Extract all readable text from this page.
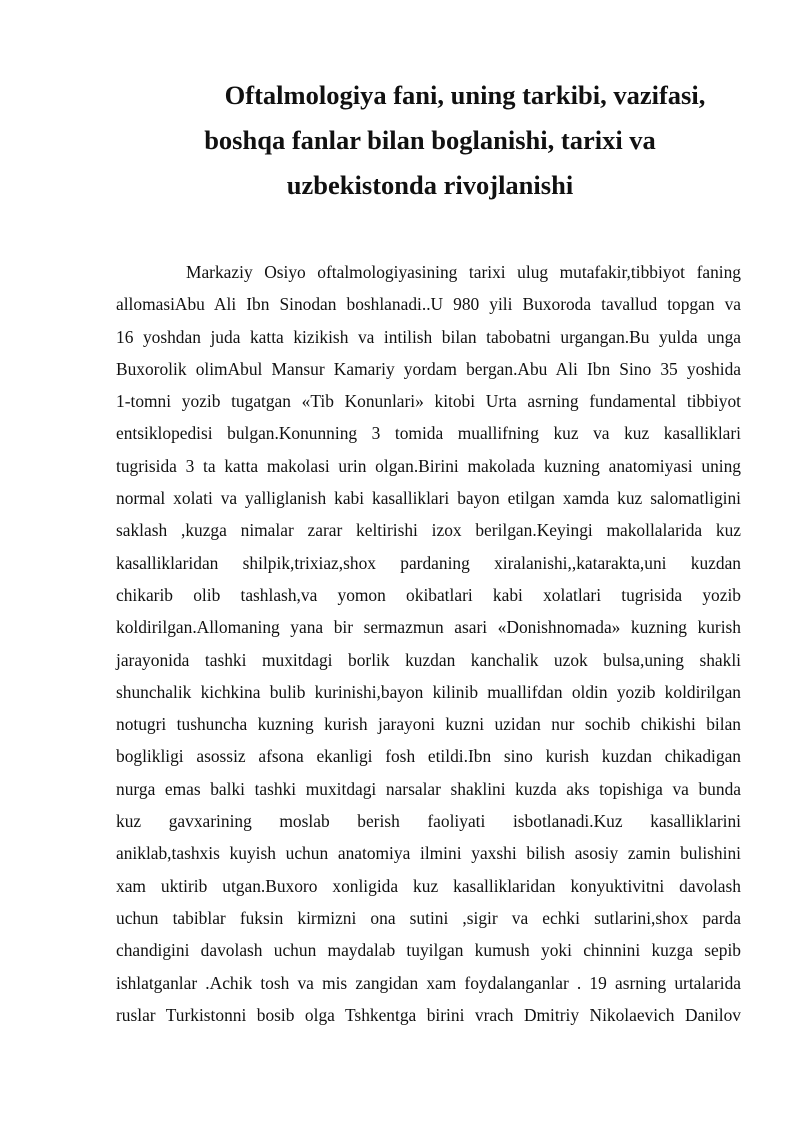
Oftalmologiya fani, uning tarkibi, vazifasi,
boshqa fanlar bilan boglanishi, tarixi va
uzbekistonda rivojlanishi
Markaziy Osiyo oftalmologiyasining tarixi ulug mutafakir,tibbiyot faning
allomasiAbu Ali Ibn Sinodan boshlanadi..U 980 yili Buxoroda tavallud topgan va
16 yoshdan juda katta kizikish va intilish bilan tabobatni urgangan.Bu yulda unga
Buxorolik olimAbul Mansur Kamariy yordam bergan.Abu Ali Ibn Sino 35 yoshida
1-tomni yozib tugatgan «Tib Konunlari» kitobi Urta asrning fundamental tibbiyot
entsiklopedisi bulgan.Konunning 3 tomida muallifning kuz va kuz kasalliklari
tugrisida 3 ta katta makolasi urin olgan.Birini makolada kuzning anatomiyasi uning
normal xolati va yalliglanish kabi kasalliklari bayon etilgan xamda kuz salomatligini
saklash ,kuzga nimalar zarar keltirishi izox berilgan.Keyingi makollalarida kuz
kasalliklaridan shilpik,trixiaz,shox pardaning xiralanishi,,katarakta,uni kuzdan
chikarib olib tashlash,va yomon okibatlari kabi xolatlari tugrisida yozib
koldirilgan.Allomaning yana bir sermazmun asari «Donishnomada» kuzning kurish
jarayonida tashki muxitdagi borlik kuzdan kanchalik uzok bulsa,uning shakli
shunchalik kichkina bulib kurinishi,bayon kilinib muallifdan oldin yozib koldirilgan
notugri tushuncha kuzning kurish jarayoni kuzni uzidan nur sochib chikishi bilan
boglikligi asossiz afsona ekanligi fosh etildi.Ibn sino kurish kuzdan chikadigan
nurga emas balki tashki muxitdagi narsalar shaklini kuzda aks topishiga va bunda
kuz gavxarining moslab berish faoliyati isbotlanadi.Kuz kasalliklarini
aniklab,tashxis kuyish uchun anatomiya ilmini yaxshi bilish asosiy zamin bulishini
xam uktirib utgan.Buxoro xonligida kuz kasalliklaridan konyuktivitni davolash
uchun tabiblar fuksin kirmizni ona sutini ,sigir va echki sutlarini,shox parda
chandigini davolash uchun maydalab tuyilgan kumush yoki chinnini kuzga sepib
ishlatganlar .Achik tosh va mis zangidan xam foydalanganlar . 19 asrning urtalarida
ruslar Turkistonni bosib olga Tshkentga birini vrach Dmitriy Nikolaevich Danilov
